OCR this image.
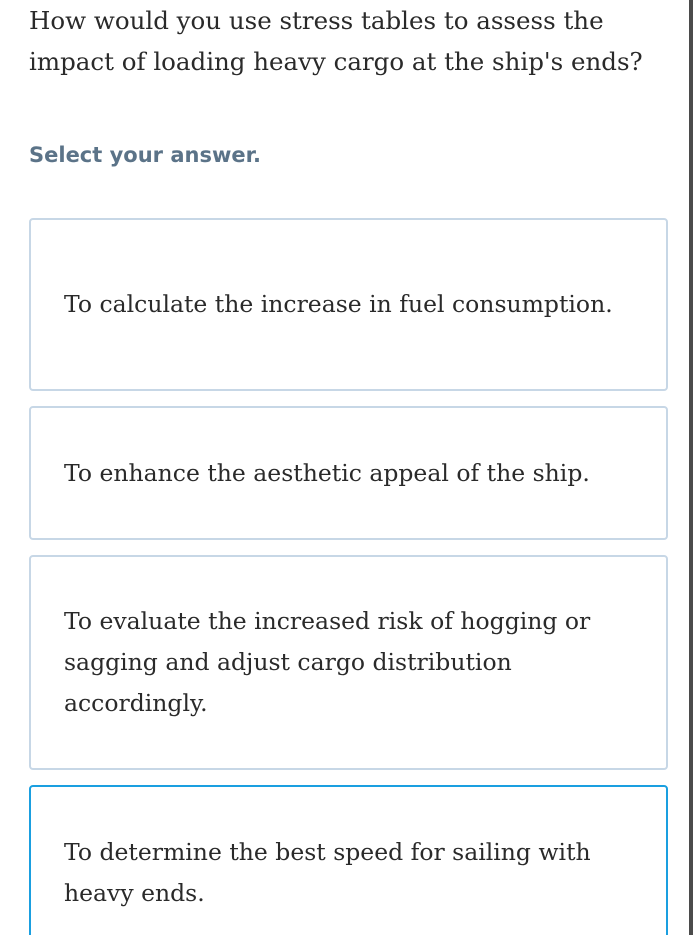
How would you use stress tables to assess the impact of loading heavy cargo at the ship's ends?
Select your answer.
To calculate the increase in fuel consumption.
To enhance the aesthetic appeal of the ship.
To evaluate the increased risk of hogging or sagging and adjust cargo distribution accordingly.
To determine the best speed for sailing with heavy ends.
